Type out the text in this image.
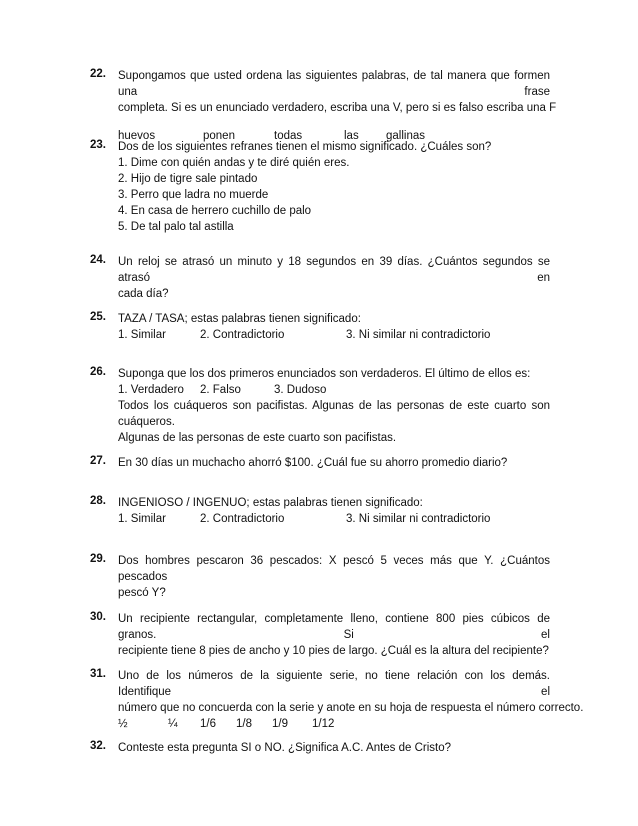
22. Supongamos que usted ordena las siguientes palabras, de tal manera que formen una frase
completa. Si es un enunciado verdadero, escriba una V, pero si es falso escriba una F
huevos	ponen	todas	las gallinas
23. Dos de los siguientes refranes tienen el mismo significado. ¿Cuáles son?
1. Dime con quién andas y te diré quién eres.
2. Hijo de tigre sale pintado
3. Perro que ladra no muerde
4. En casa de herrero cuchillo de palo
5. De tal palo tal astilla
24. Un reloj se atrasó un minuto y 18 segundos en 39 días. ¿Cuántos segundos se atrasó en
cada día?
25. TAZA / TASA; estas palabras tienen significado:
1. Similar	2. Contradictorio	3. Ni similar ni contradictorio
26. Suponga que los dos primeros enunciados son verdaderos. El último de ellos es:
1. Verdadero 2. Falso	3. Dudoso
Todos los cuáqueros son pacifistas. Algunas de las personas de este cuarto son cuáqueros.
Algunas de las personas de este cuarto son pacifistas.
27. En 30 días un muchacho ahorró $100. ¿Cuál fue su ahorro promedio diario?
28. INGENIOSO / INGENUO; estas palabras tienen significado:
1. Similar	2. Contradictorio	3. Ni similar ni contradictorio
29. Dos hombres pescaron 36 pescados: X pescó 5 veces más que Y. ¿Cuántos pescados
pescó Y?
30. Un recipiente rectangular, completamente lleno, contiene 800 pies cúbicos de granos. Si el
recipiente tiene 8 pies de ancho y 10 pies de largo. ¿Cuál es la altura del recipiente?
31. Uno de los números de la siguiente serie, no tiene relación con los demás. Identifique el
número que no concuerda con la serie y anote en su hoja de respuesta el número correcto.
½	¼ 1/6 1/8 1/9 1/12
32. Conteste esta pregunta SI o NO. ¿Significa A.C. Antes de Cristo?
